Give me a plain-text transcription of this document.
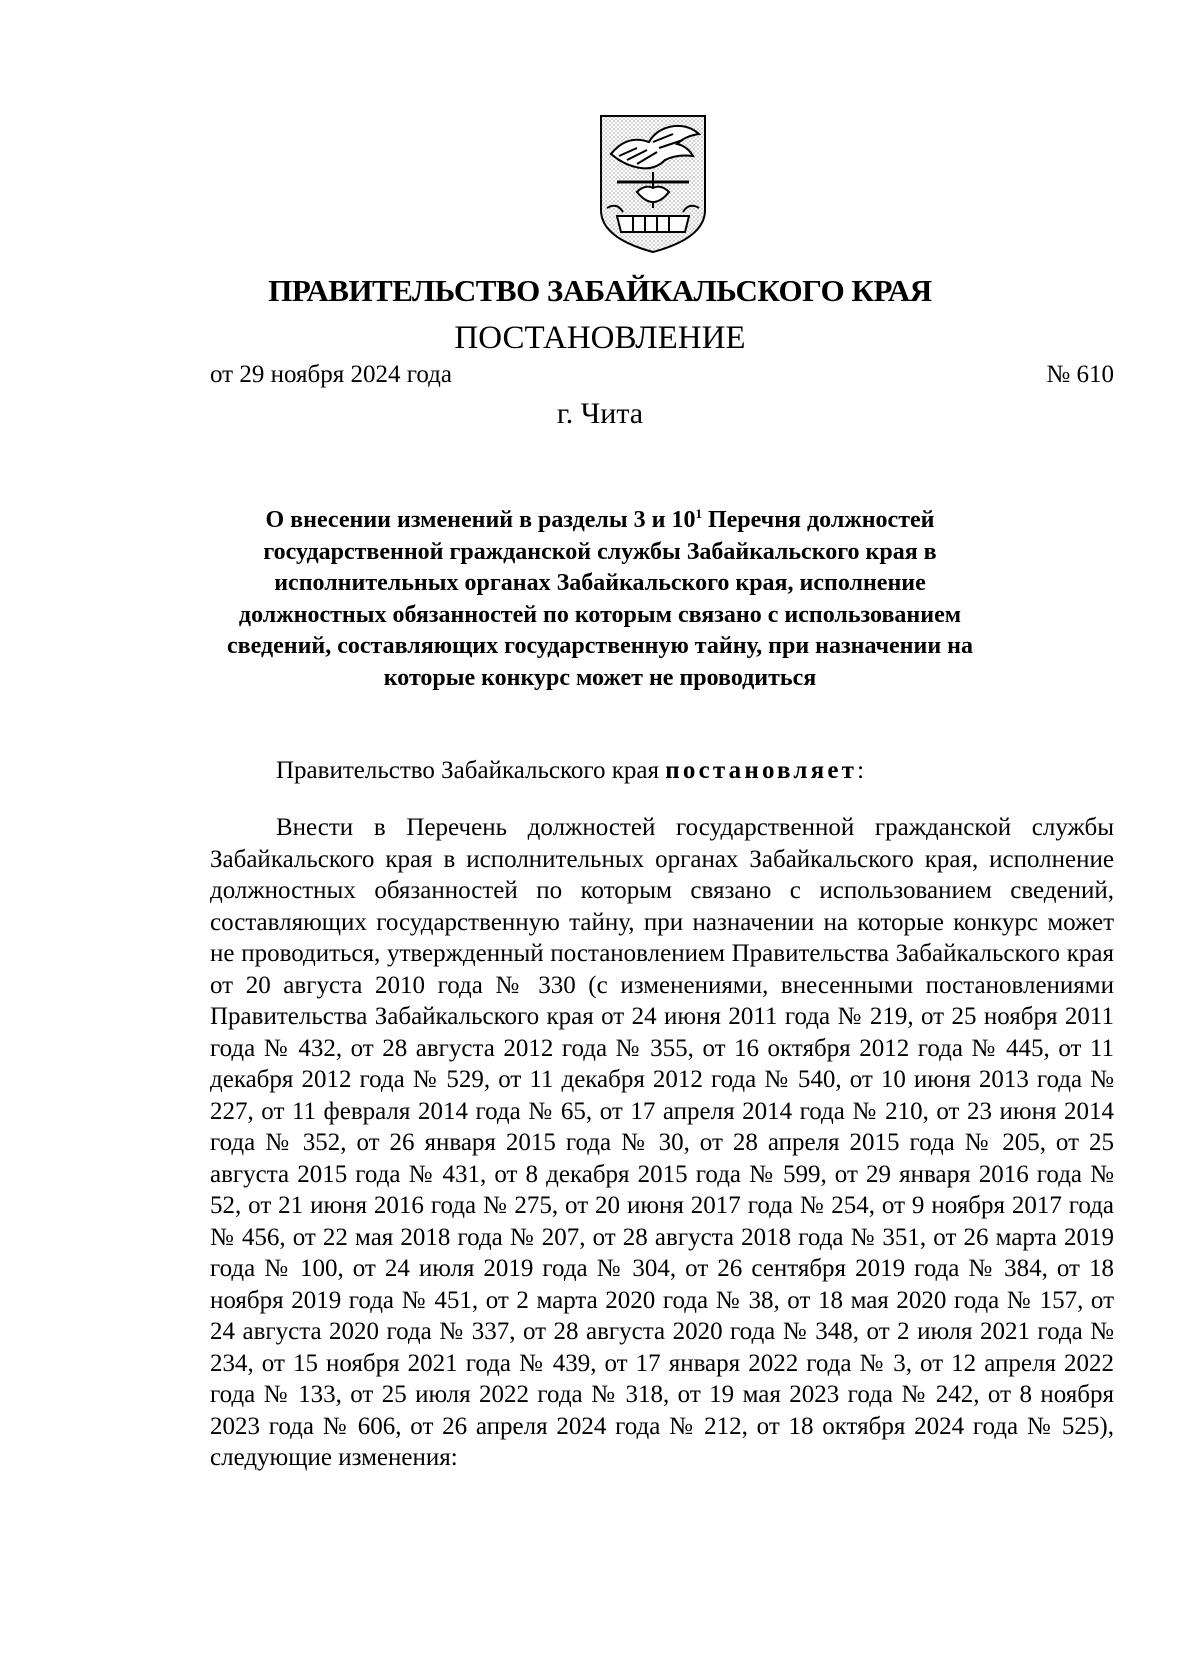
ПРАВИТЕЛЬСТВО ЗАБАЙКАЛЬСКОГО КРАЯ
ПОСТАНОВЛЕНИЕ
от 29 ноября 2024 года	№ 610
г. Чита
О внесении изменений в разделы 3 и $10^1$ Перечня должностей государственной гражданской службы Забайкальского края в исполнительных органах Забайкальского края, исполнение должностных обязанностей по которым связано с использованием сведений, составляющих государственную тайну, при назначении на которые конкурс может не проводиться
Правительство Забайкальского края постановляет:

Внести в Перечень должностей государственной гражданской службы Забайкальского края в исполнительных органах Забайкальского края, исполнение должностных обязанностей по которым связано с использованием сведений, составляющих государственную тайну, при назначении на которые конкурс может не проводиться, утвержденный постановлением Правительства Забайкальского края от 20 августа 2010 года № 330 (с изменениями, внесенными постановлениями Правительства Забайкальского края от 24 июня 2011 года № 219, от 25 ноября 2011 года № 432, от 28 августа 2012 года № 355, от 16 октября 2012 года № 445, от 11 декабря 2012 года № 529, от 11 декабря 2012 года № 540, от 10 июня 2013 года № 227, от 11 февраля 2014 года № 65, от 17 апреля 2014 года № 210, от 23 июня 2014 года № 352, от 26 января 2015 года № 30, от 28 апреля 2015 года № 205, от 25 августа 2015 года № 431, от 8 декабря 2015 года № 599, от 29 января 2016 года № 52, от 21 июня 2016 года № 275, от 20 июня 2017 года № 254, от 9 ноября 2017 года № 456, от 22 мая 2018 года № 207, от 28 августа 2018 года № 351, от 26 марта 2019 года № 100, от 24 июля 2019 года № 304, от 26 сентября 2019 года № 384, от 18 ноября 2019 года № 451, от 2 марта 2020 года № 38, от 18 мая 2020 года № 157, от 24 августа 2020 года № 337, от 28 августа 2020 года № 348, от 2 июля 2021 года № 234, от 15 ноября 2021 года № 439, от 17 января 2022 года № 3, от 12 апреля 2022 года № 133, от 25 июля 2022 года № 318, от 19 мая 2023 года № 242, от 8 ноября 2023 года № 606, от 26 апреля 2024 года № 212, от 18 октября 2024 года № 525), следующие изменения:
